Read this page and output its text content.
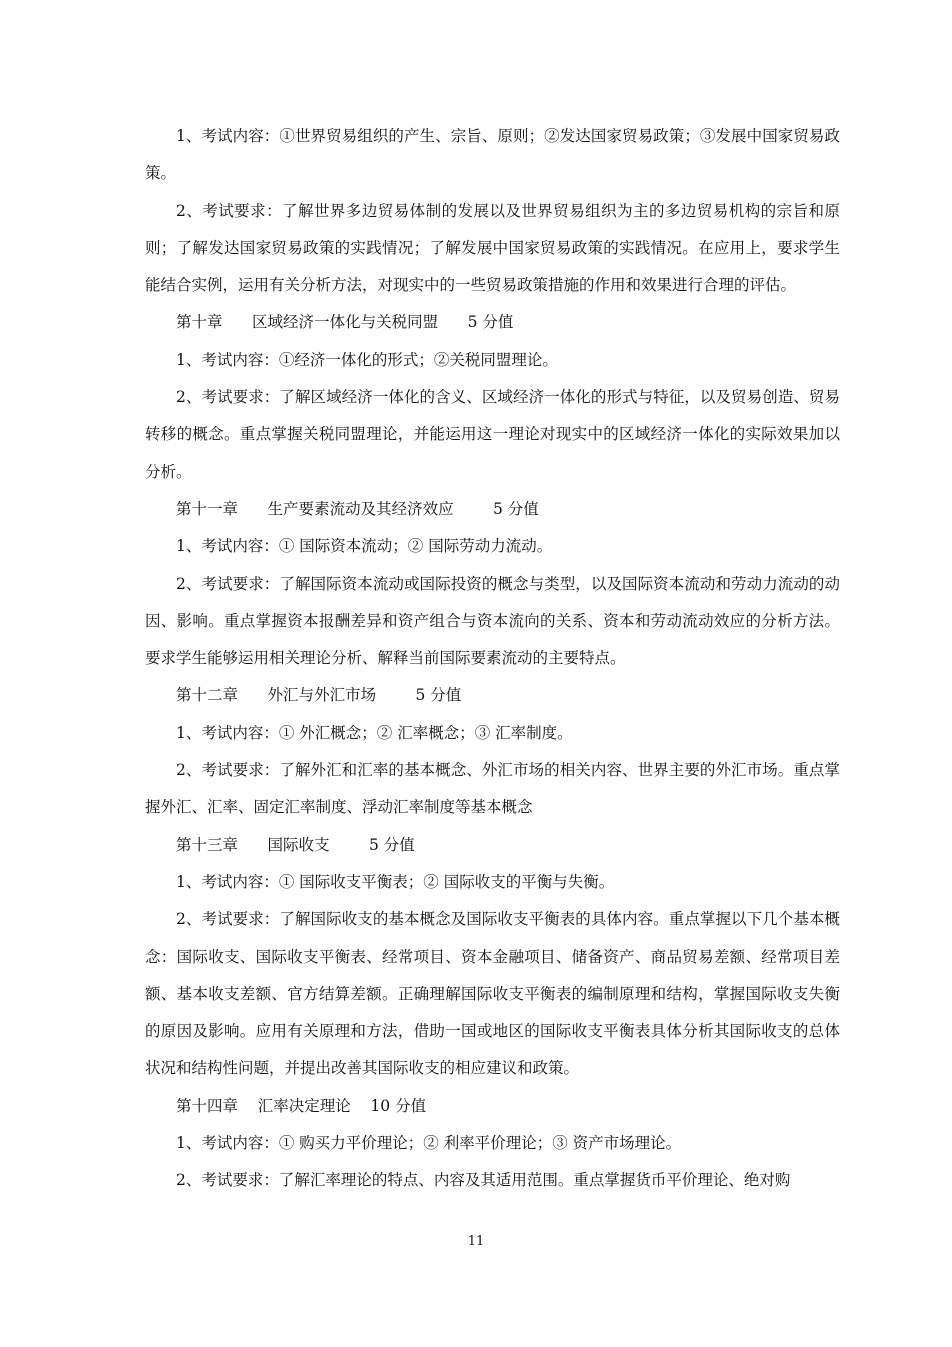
1、考试内容：①世界贸易组织的产生、宗旨、原则；②发达国家贸易政策；③发展中国家贸易政策。

2、考试要求：了解世界多边贸易体制的发展以及世界贸易组织为主的多边贸易机构的宗旨和原则；了解发达国家贸易政策的实践情况；了解发展中国家贸易政策的实践情况。在应用上，要求学生能结合实例，运用有关分析方法，对现实中的一些贸易政策措施的作用和效果进行合理的评估。

第十章      区域经济一体化与关税同盟      5 分值

1、考试内容：①经济一体化的形式；②关税同盟理论。

2、考试要求：了解区域经济一体化的含义、区域经济一体化的形式与特征，以及贸易创造、贸易转移的概念。重点掌握关税同盟理论，并能运用这一理论对现实中的区域经济一体化的实际效果加以分析。

第十一章      生产要素流动及其经济效应        5 分值

1、考试内容：① 国际资本流动；② 国际劳动力流动。

2、考试要求：了解国际资本流动或国际投资的概念与类型，以及国际资本流动和劳动力流动的动因、影响。重点掌握资本报酬差异和资产组合与资本流向的关系、资本和劳动流动效应的分析方法。要求学生能够运用相关理论分析、解释当前国际要素流动的主要特点。

第十二章      外汇与外汇市场        5 分值

1、考试内容：① 外汇概念；② 汇率概念；③ 汇率制度。

2、考试要求：了解外汇和汇率的基本概念、外汇市场的相关内容、世界主要的外汇市场。重点掌握外汇、汇率、固定汇率制度、浮动汇率制度等基本概念

第十三章      国际收支        5 分值

1、考试内容：① 国际收支平衡表；② 国际收支的平衡与失衡。

2、考试要求：了解国际收支的基本概念及国际收支平衡表的具体内容。重点掌握以下几个基本概念：国际收支、国际收支平衡表、经常项目、资本金融项目、储备资产、商品贸易差额、经常项目差额、基本收支差额、官方结算差额。正确理解国际收支平衡表的编制原理和结构，掌握国际收支失衡的原因及影响。应用有关原理和方法，借助一国或地区的国际收支平衡表具体分析其国际收支的总体状况和结构性问题，并提出改善其国际收支的相应建议和政策。

第十四章    汇率决定理论    10 分值

1、考试内容：① 购买力平价理论；② 利率平价理论；③ 资产市场理论。

2、考试要求：了解汇率理论的特点、内容及其适用范围。重点掌握货币平价理论、绝对购

11
